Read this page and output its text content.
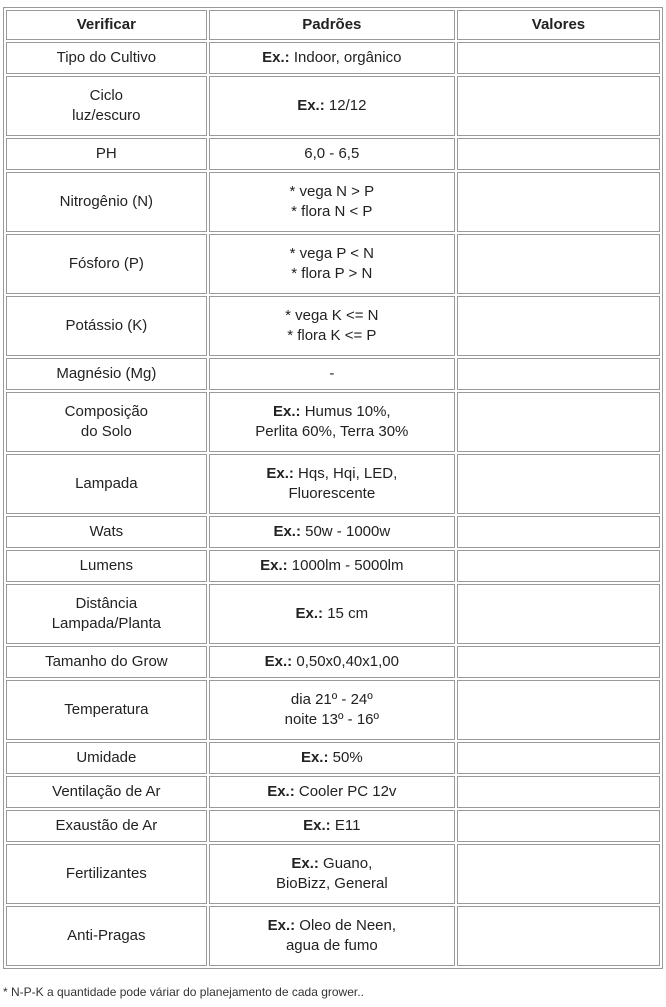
Verificar	Padrões	Valores

Tipo do Cultivo	Ex.: Indoor, orgânico	

Ciclo
luz/escuro	Ex.: 12/12	

PH	6,0 - 6,5	

Nitrogênio (N)	* vega N > P
* flora N < P	

Fósforo (P)	* vega P < N
* flora P > N	

Potássio (K)	* vega K <= N
* flora K <= P	

Magnésio (Mg)	-	

Composição
do Solo	Ex.: Humus 10%,
Perlita 60%, Terra 30%	

Lampada	Ex.: Hqs, Hqi, LED,
Fluorescente	

Wats	Ex.: 50w - 1000w	

Lumens	Ex.: 1000lm - 5000lm	

Distância
Lampada/Planta	Ex.: 15 cm	

Tamanho do Grow	Ex.: 0,50x0,40x1,00	

Temperatura	dia 21º - 24º
noite 13º - 16º	

Umidade	Ex.: 50%	

Ventilação de Ar	Ex.: Cooler PC 12v	

Exaustão de Ar	Ex.: E11	

Fertilizantes	Ex.: Guano,
BioBizz, General	

Anti-Pragas	Ex.: Oleo de Neen,
agua de fumo	

* N-P-K a quantidade pode váriar do planejamento de cada grower..
